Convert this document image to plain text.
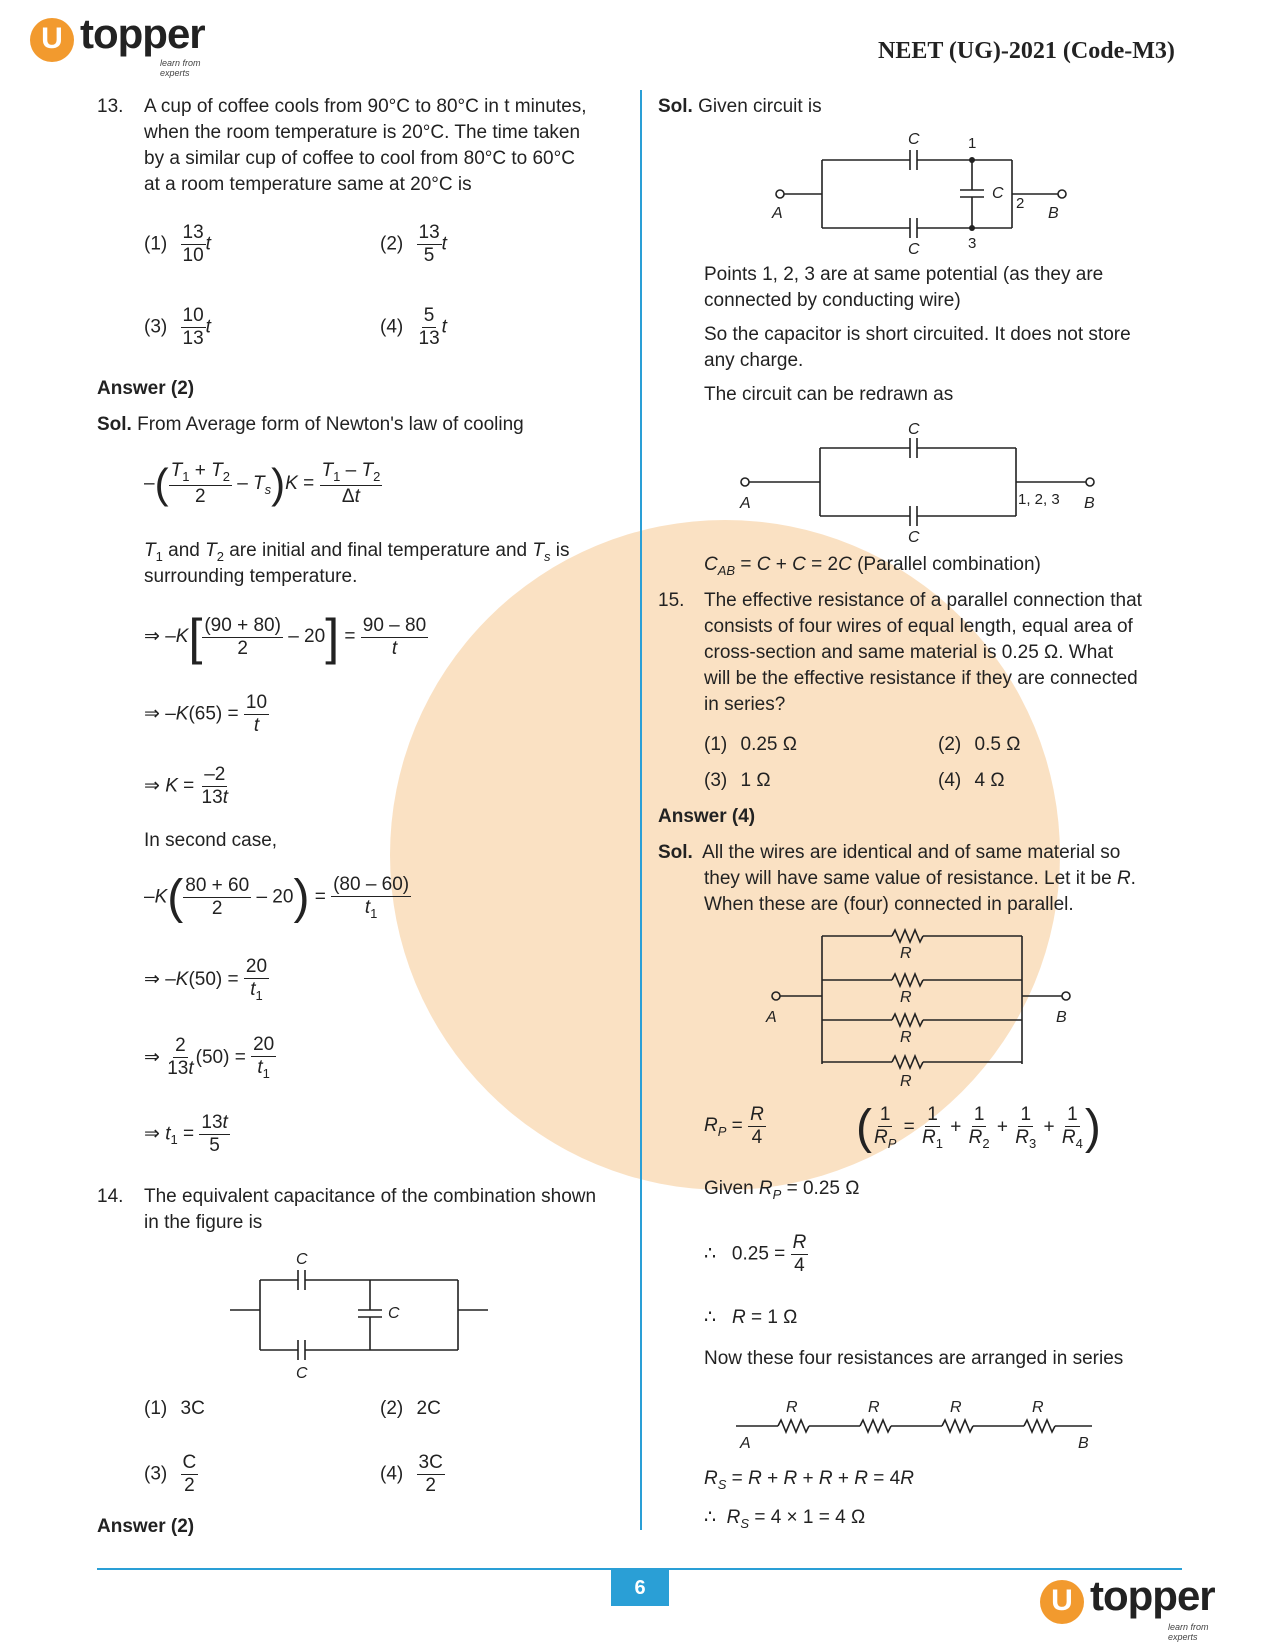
U topper
learn from experts
NEET (UG)-2021 (Code-M3)
13. A cup of coffee cools from 90°C to 80°C in t minutes,
when the room temperature is 20°C. The time taken
by a similar cup of coffee to cool from 80°C to 60°C
at a room temperature same at 20°C is
$(1) \frac{13}{10}$ t	$(2) \frac{13}{5}$ t
$(3) \frac{10}{13}$ t	$(4) \frac{5}{13}$ t
Answer (2)
Sol. From Average form of Newton's law of cooling
–( $\frac{T_1 + T_2}{2} - T_s)K = \frac{T_1 - T_2}{\Delta t}$
$T_1$ and $T_2$ are initial and final temperature and $T_s$ is
surrounding temperature.
⇒ $-K[ \frac{(90 + 80)}{2} - 20] = \frac{90 - 80}{t}$
⇒ $-K(65) = \frac{10}{t}$
⇒ $K = \frac{-2}{13t}$
In second case,
$-K( \frac{80 + 60}{2} - 20) = \frac{(80 - 60)}{t_1}$
⇒ $-K(50) = \frac{20}{t_1}$
⇒ $\frac{2}{13t} (50) = \frac{20}{t_1}$
⇒ $t_1 = \frac{13t}{5}$
14. The equivalent capacitance of the combination shown
in the figure is
C
C
C
(1) 3C	(2) 2C
$(3) \frac{C}{2}$	$(4) \frac{3C}{2}$
Answer (2)
Sol. Given circuit is
C
C
C
1
2
3
A	B
Points 1, 2, 3 are at same potential (as they are
connected by conducting wire)
So the capacitor is short circuited. It does not store
any charge.
The circuit can be redrawn as
C
C
1, 2, 3
A	B
$C_{AB} = C + C = 2C$ (Parallel combination)
15. The effective resistance of a parallel connection that
consists of four wires of equal length, equal area of
cross-section and same material is 0.25 Ω. What
will be the effective resistance if they are connected
in series?
(1) 0.25 Ω	(2) 0.5 Ω
(3) 1 Ω	(4) 4 Ω
Answer (4)
Sol. All the wires are identical and of same material so
they will have same value of resistance. Let it be R.
When these are (four) connected in parallel.
R
R
R
R
A	B
$R_P = \frac{R}{4}$ ( $\frac{1}{R_P} = \frac{1}{R_1} + \frac{1}{R_2} + \frac{1}{R_3} + \frac{1}{R_4}$ )
Given $R_P = 0.25$ Ω
∴   $0.25 = \frac{R}{4}$
∴   R = 1 Ω
Now these four resistances are arranged in series
R	R	R	R
A	B
$R_S = R + R + R + R = 4R$
∴  $R_S = 4 \times 1 = 4$ Ω
6	U topper
learn from experts
